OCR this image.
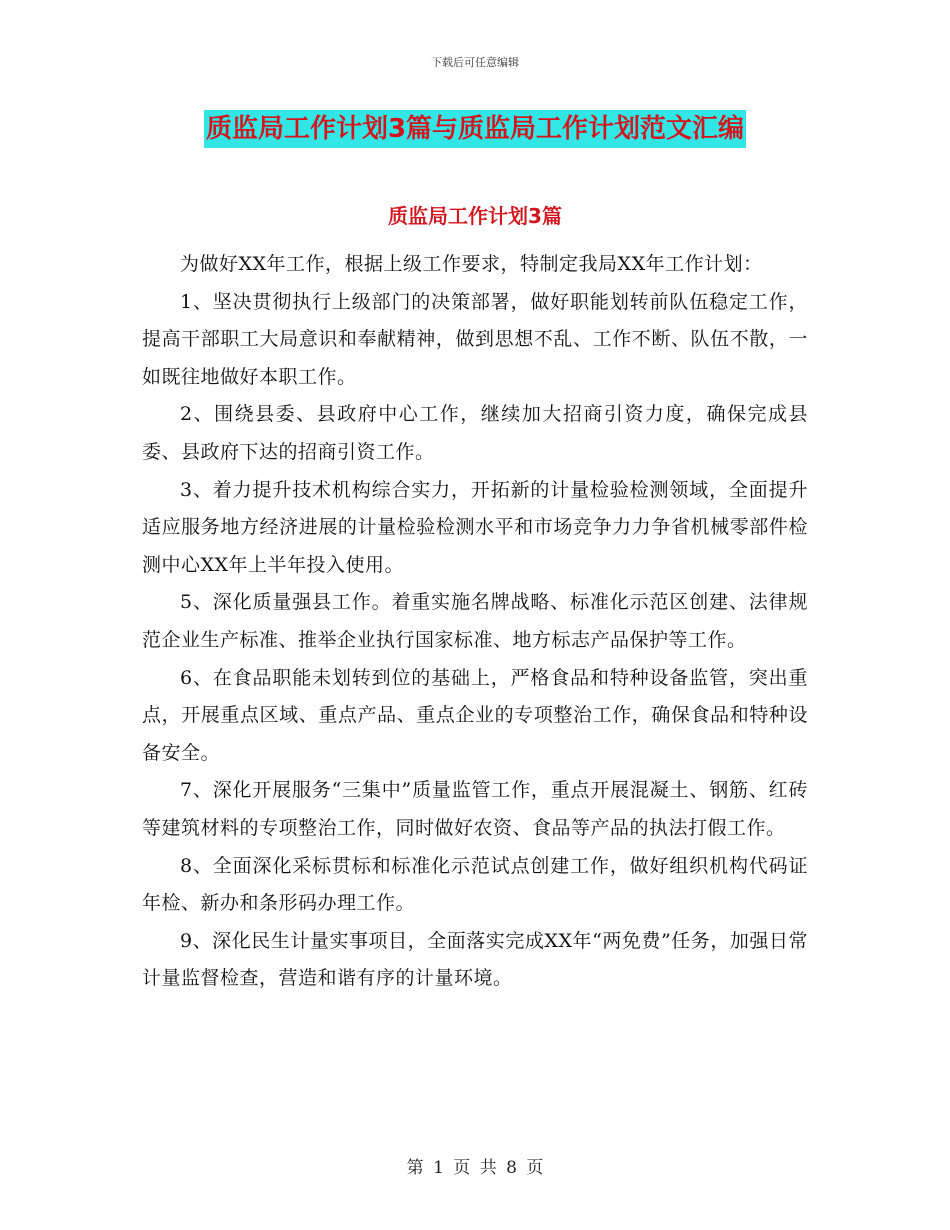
下载后可任意编辑
质监局工作计划3篇与质监局工作计划范文汇编
质监局工作计划3篇

为做好XX年工作，根据上级工作要求，特制定我局XX年工作计划：

1、坚决贯彻执行上级部门的决策部署，做好职能划转前队伍稳定工作，提高干部职工大局意识和奉献精神，做到思想不乱、工作不断、队伍不散，一如既往地做好本职工作。

2、围绕县委、县政府中心工作，继续加大招商引资力度，确保完成县委、县政府下达的招商引资工作。

3、着力提升技术机构综合实力，开拓新的计量检验检测领域，全面提升适应服务地方经济进展的计量检验检测水平和市场竞争力力争省机械零部件检测中心XX年上半年投入使用。

5、深化质量强县工作。着重实施名牌战略、标准化示范区创建、法律规范企业生产标准、推举企业执行国家标准、地方标志产品保护等工作。

6、在食品职能未划转到位的基础上，严格食品和特种设备监管，突出重点，开展重点区域、重点产品、重点企业的专项整治工作，确保食品和特种设备安全。

7、深化开展服务“三集中”质量监管工作，重点开展混凝土、钢筋、红砖等建筑材料的专项整治工作，同时做好农资、食品等产品的执法打假工作。

8、全面深化采标贯标和标准化示范试点创建工作，做好组织机构代码证年检、新办和条形码办理工作。

9、深化民生计量实事项目，全面落实完成XX年“两免费”任务，加强日常计量监督检查，营造和谐有序的计量环境。

第 1 页 共 8 页
